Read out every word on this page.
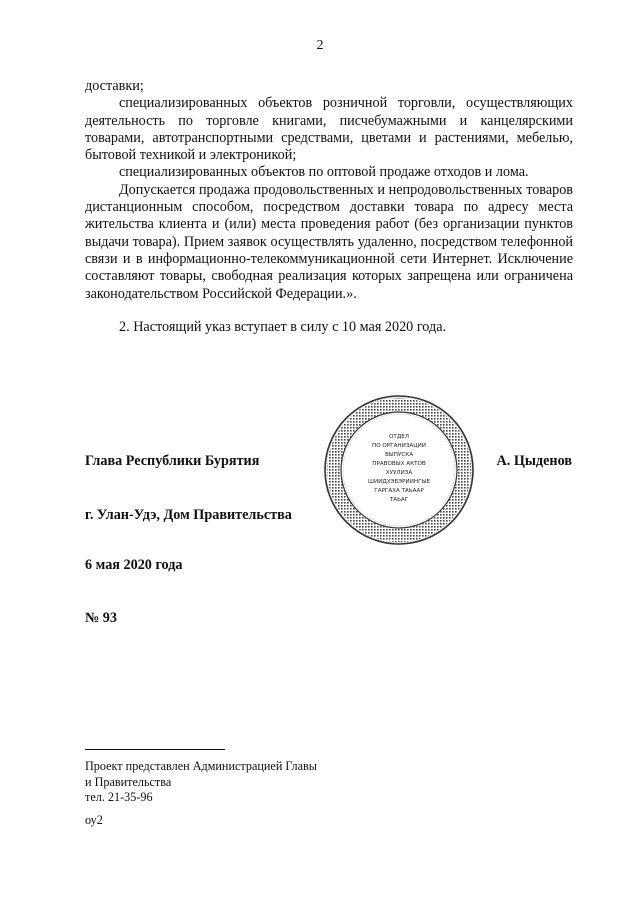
2

доставки;

специализированных объектов розничной торговли, осуществляющих деятельность по торговле книгами, писчебумажными и канцелярскими товарами, автотранспортными средствами, цветами и растениями, мебелью, бытовой техникой и электроникой;

специализированных объектов по оптовой продаже отходов и лома.

Допускается продажа продовольственных и непродовольственных товаров дистанционным способом, посредством доставки товара по адресу места жительства клиента и (или) места проведения работ (без организации пунктов выдачи товара). Прием заявок осуществлять удаленно, посредством телефонной связи и в информационно-телекоммуникационной сети Интернет. Исключение составляют товары, свободная реализация которых запрещена или ограничена законодательством Российской Федерации.».

2. Настоящий указ вступает в силу с 10 мая 2020 года.

Глава Республики Бурятия	А. Цыденов
г. Улан-Удэ, Дом Правительства
6 мая 2020 года
№ 93
ОТДЕЛ
ПО ОРГАНИЗАЦИИ
ВЫПУСКА
ПРАВОВЫХ АКТОВ
ХУУЛИЗА
ШИИДХЭБЭРИИНГЫЕ
ГАРГАХА ТАЬААР
ТАЬАГ
Проект представлен Администрацией Главы
и Правительства
тел. 21-35-96
оу2
